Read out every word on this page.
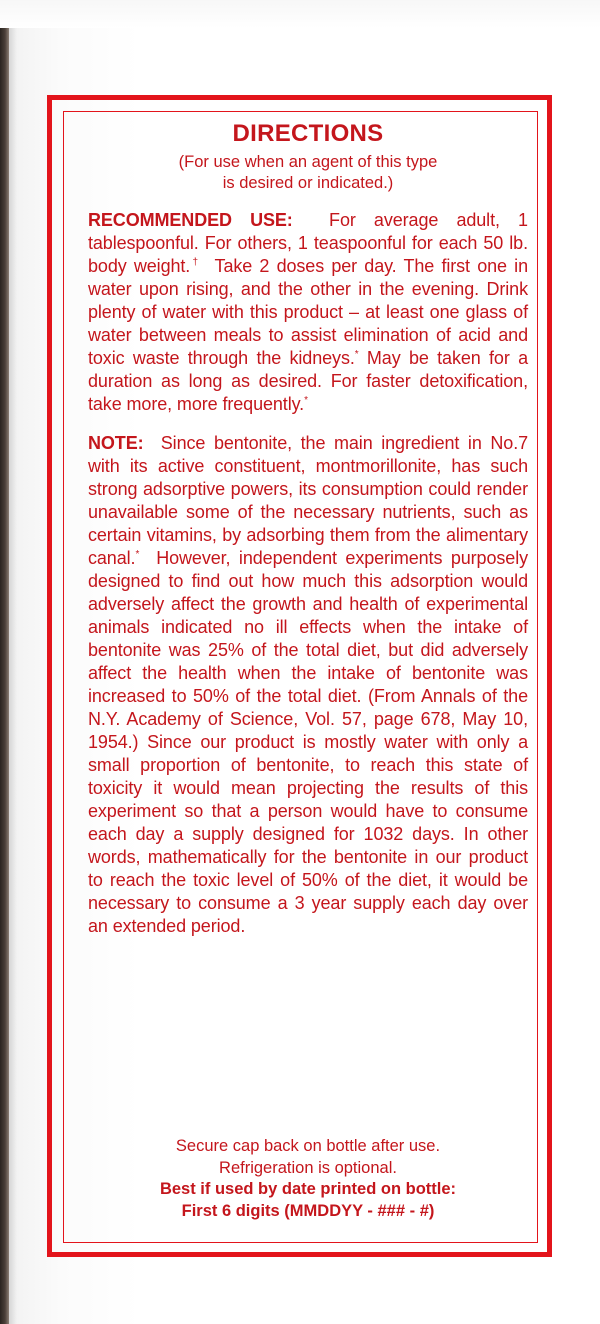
DIRECTIONS
(For use when an agent of this type
is desired or indicated.)

RECOMMENDED USE: For average adult, 1 tablespoonful. For others, 1 teaspoonful for each 50 lb. body weight.† Take 2 doses per day. The first one in water upon rising, and the other in the evening. Drink plenty of water with this product – at least one glass of water between meals to assist elimination of acid and toxic waste through the kidneys.* May be taken for a duration as long as desired. For faster detoxification, take more, more frequently.*

NOTE: Since bentonite, the main ingredient in No.7 with its active constituent, montmorillonite, has such strong adsorptive powers, its consumption could render unavailable some of the necessary nutrients, such as certain vitamins, by adsorbing them from the alimentary canal.* However, independent experiments purposely designed to find out how much this adsorption would adversely affect the growth and health of experimental animals indicated no ill effects when the intake of bentonite was 25% of the total diet, but did adversely affect the health when the intake of bentonite was increased to 50% of the total diet. (From Annals of the N.Y. Academy of Science, Vol. 57, page 678, May 10, 1954.) Since our product is mostly water with only a small proportion of bentonite, to reach this state of toxicity it would mean projecting the results of this experiment so that a person would have to consume each day a supply designed for 1032 days. In other words, mathematically for the bentonite in our product to reach the toxic level of 50% of the diet, it would be necessary to consume a 3 year supply each day over an extended period.

Secure cap back on bottle after use.
Refrigeration is optional.
Best if used by date printed on bottle:
First 6 digits (MMDDYY - ### - #)
